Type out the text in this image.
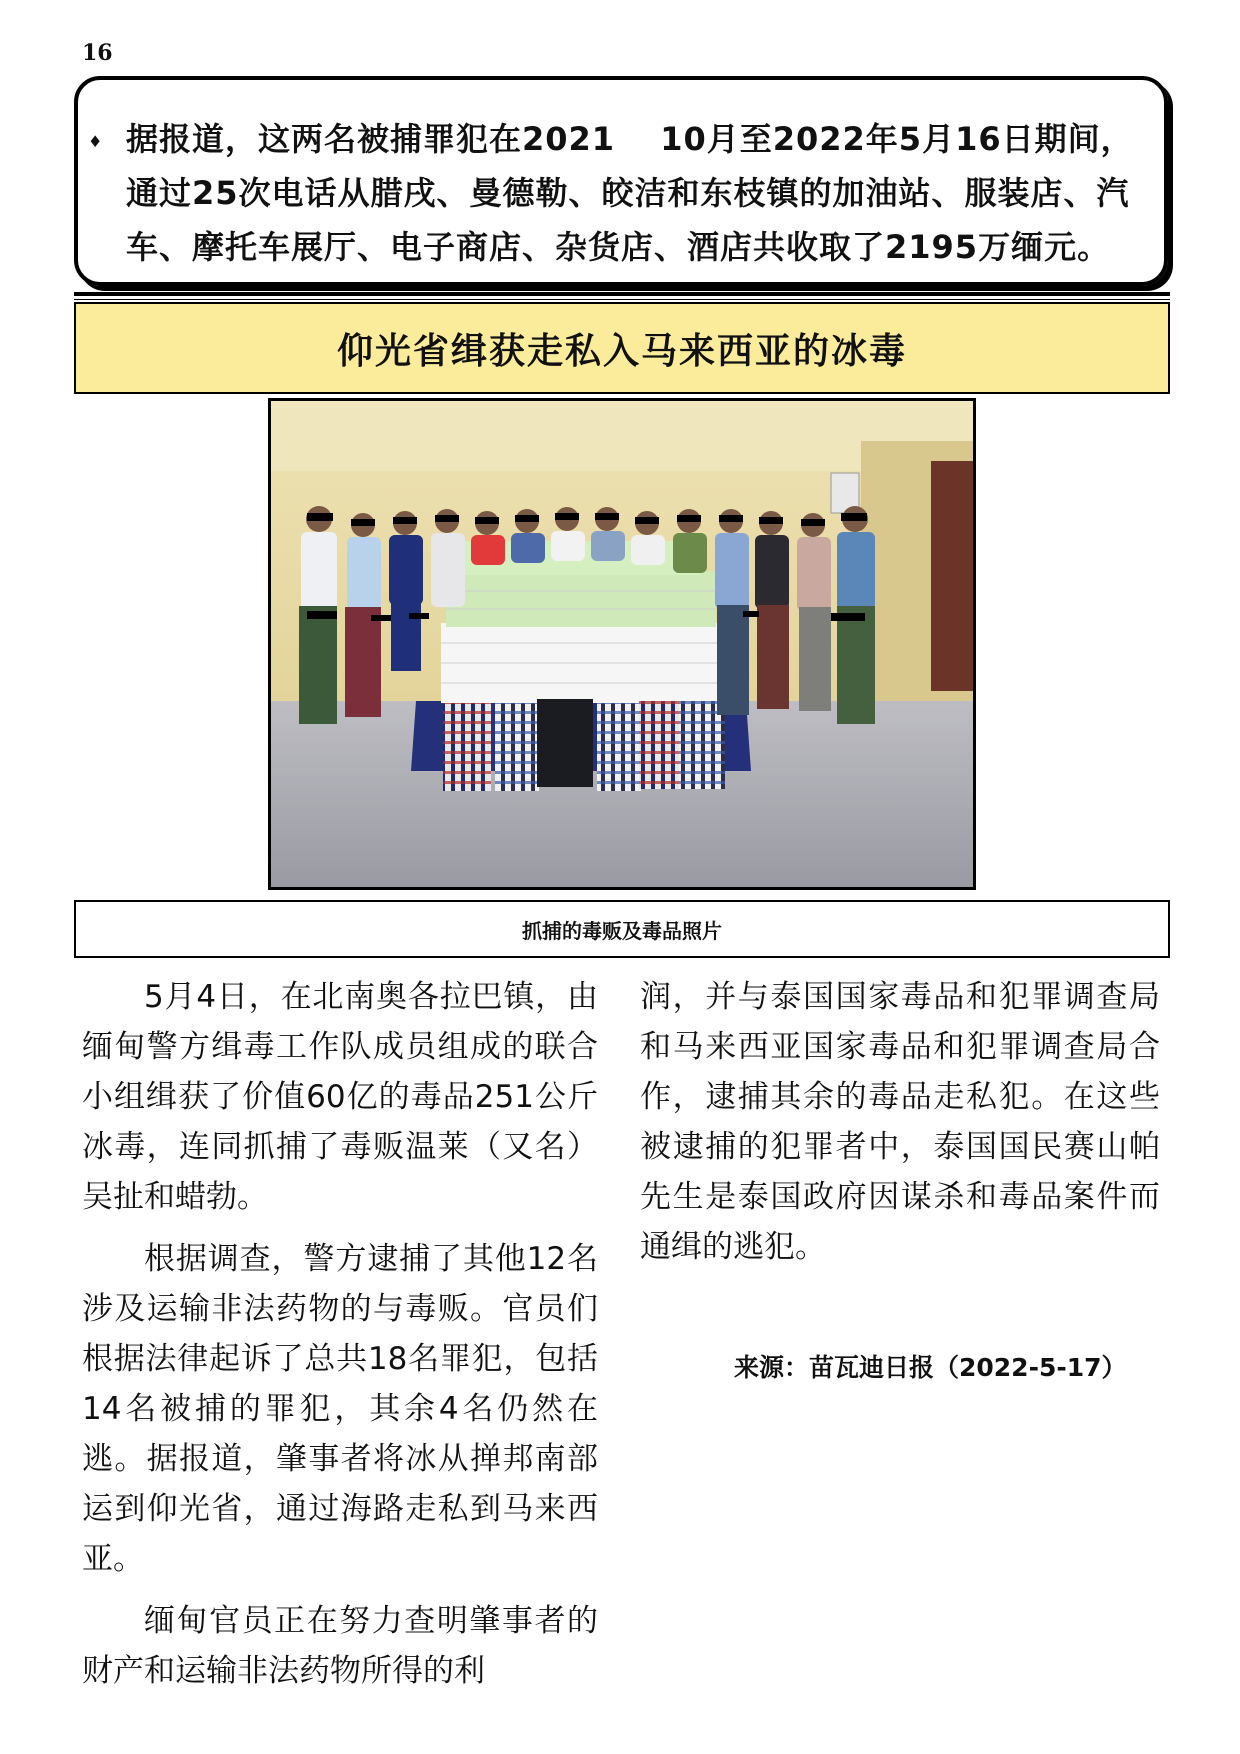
16
♦ 据报道，这两名被捕罪犯在2021　 10月至2022年5月16日期间，通过25次电话从腊戌、曼德勒、皎洁和东枝镇的加油站、服装店、汽车、摩托车展厅、电子商店、杂货店、酒店共收取了2195万缅元。
仰光省缉获走私入马来西亚的冰毒
抓捕的毒贩及毒品照片

5月4日，在北南奥各拉巴镇，由缅甸警方缉毒工作队成员组成的联合小组缉获了价值60亿的毒品251公斤冰毒，连同抓捕了毒贩温莱（又名）吴扯和蜡勃。

根据调查，警方逮捕了其他12名涉及运输非法药物的与毒贩。官员们根据法律起诉了总共18名罪犯，包括14名被捕的罪犯，其余4名仍然在逃。据报道，肇事者将冰从掸邦南部运到仰光省，通过海路走私到马来西亚。

缅甸官员正在努力查明肇事者的财产和运输非法药物所得的利

润，并与泰国国家毒品和犯罪调查局和马来西亚国家毒品和犯罪调查局合作，逮捕其余的毒品走私犯。在这些被逮捕的犯罪者中，泰国国民赛山帕先生是泰国政府因谋杀和毒品案件而通缉的逃犯。

来源：苗瓦迪日报（2022-5-17）
